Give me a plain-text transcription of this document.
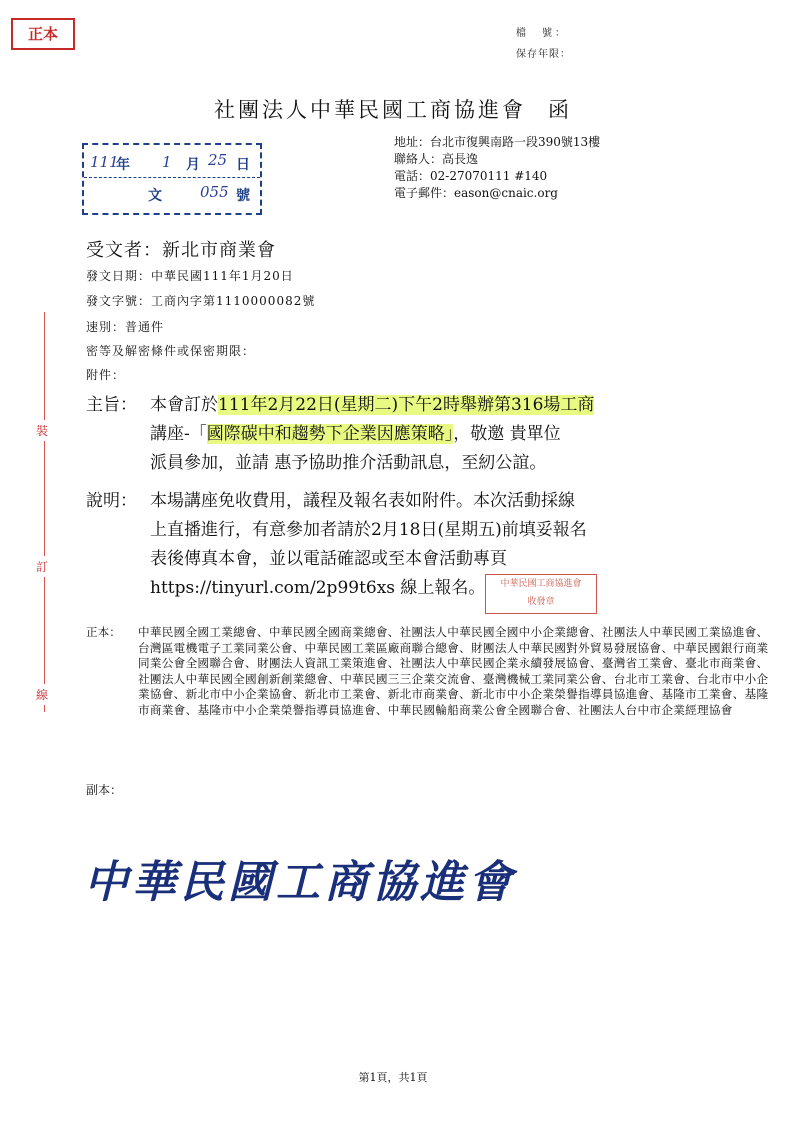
正本	檔　號：
保存年限：
社團法人中華民國工商協進會 函
111
年 1 月 25 日
文	055 號
地址：台北市復興南路一段390號13樓
聯絡人：高長逸
電話：02-27070111 #140
電子郵件：eason@cnaic.org
受文者：新北市商業會
發文日期：中華民國111年1月20日
發文字號：工商內字第1110000082號
速別：普通件
密等及解密條件或保密期限：
附件：
裝
訂
線
主旨： 本會訂於111年2月22日(星期二)下午2時舉辦第316場工商
講座-「國際碳中和趨勢下企業因應策略」，敬邀 貴單位
派員參加，並請 惠予協助推介活動訊息，至紉公誼。
說明： 本場講座免收費用，議程及報名表如附件。本次活動採線
上直播進行，有意參加者請於2月18日(星期五)前填妥報名
表後傳真本會，並以電話確認或至本會活動專頁
https://tinyurl.com/2p99t6xs 線上報名。	中華民國工商協進會
收發章
正本：	中華民國全國工業總會、中華民國全國商業總會、社團法人中華民國全國中小企業總會、社團法人中華民國工業協進會、台灣區電機電子工業同業公會、中華民國工業區廠商聯合總會、財團法人中華民國對外貿易發展協會、中華民國銀行商業同業公會全國聯合會、財團法人資訊工業策進會、社團法人中華民國企業永續發展協會、臺灣省工業會、臺北市商業會、社團法人中華民國全國創新創業總會、中華民國三三企業交流會、臺灣機械工業同業公會、台北市工業會、台北市中小企業協會、新北市中小企業協會、新北市工業會、新北市商業會、新北市中小企業榮譽指導員協進會、基隆市工業會、基隆市商業會、基隆市中小企業榮譽指導員協進會、中華民國輪船商業公會全國聯合會、社團法人台中市企業經理協會
副本：
中華民國工商協進會
第1頁，共1頁
